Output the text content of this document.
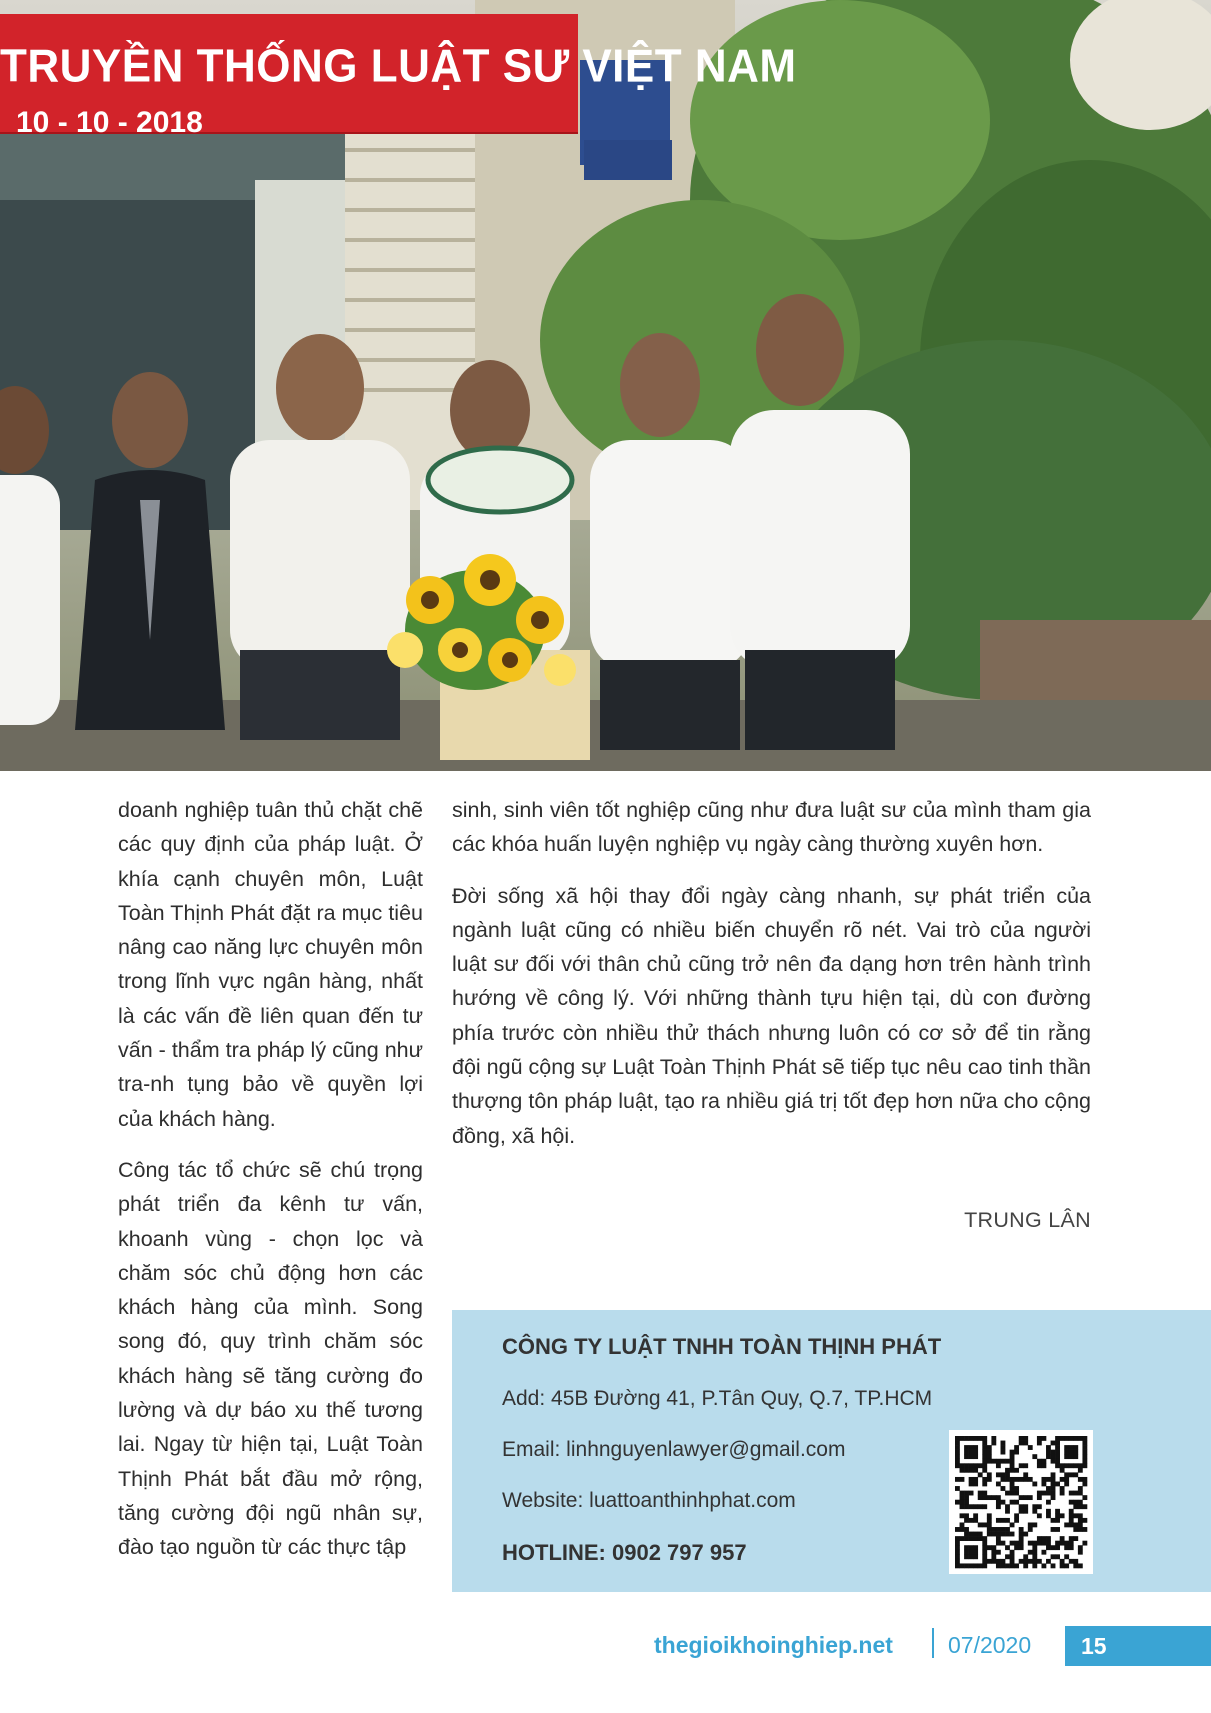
TRUYỀN THỐNG LUẬT SƯ VIỆT NAM
10 - 10 - 2018

doanh nghiệp tuân thủ chặt chẽ các quy định của pháp luật. Ở khía cạnh chuyên môn, Luật Toàn Thịnh Phát đặt ra mục tiêu nâng cao năng lực chuyên môn trong lĩnh vực ngân hàng, nhất là các vấn đề liên quan đến tư vấn - thẩm tra pháp lý cũng như tra-nh tụng bảo về quyền lợi của khách hàng.

Công tác tổ chức sẽ chú trọng phát triển đa kênh tư vấn, khoanh vùng - chọn lọc và chăm sóc chủ động hơn các khách hàng của mình. Song song đó, quy trình chăm sóc khách hàng sẽ tăng cường đo lường và dự báo xu thế tương lai. Ngay từ hiện tại, Luật Toàn Thịnh Phát bắt đầu mở rộng, tăng cường đội ngũ nhân sự, đào tạo nguồn từ các thực tập

sinh, sinh viên tốt nghiệp cũng như đưa luật sư của mình tham gia các khóa huấn luyện nghiệp vụ ngày càng thường xuyên hơn.

Đời sống xã hội thay đổi ngày càng nhanh, sự phát triển của ngành luật cũng có nhiều biến chuyển rõ nét. Vai trò của người luật sư đối với thân chủ cũng trở nên đa dạng hơn trên hành trình hướng về công lý. Với những thành tựu hiện tại, dù con đường phía trước còn nhiều thử thách nhưng luôn có cơ sở để tin rằng đội ngũ cộng sự Luật Toàn Thịnh Phát sẽ tiếp tục nêu cao tinh thần thượng tôn pháp luật, tạo ra nhiều giá trị tốt đẹp hơn nữa cho cộng đồng, xã hội.

TRUNG LÂN
CÔNG TY LUẬT TNHH TOÀN THỊNH PHÁT
Add: 45B Đường 41, P.Tân Quy, Q.7, TP.HCM
Email: linhnguyenlawyer@gmail.com
Website: luattoanthinhphat.com
HOTLINE: 0902 797 957
thegioikhoinghiep.net 07/2020 15
